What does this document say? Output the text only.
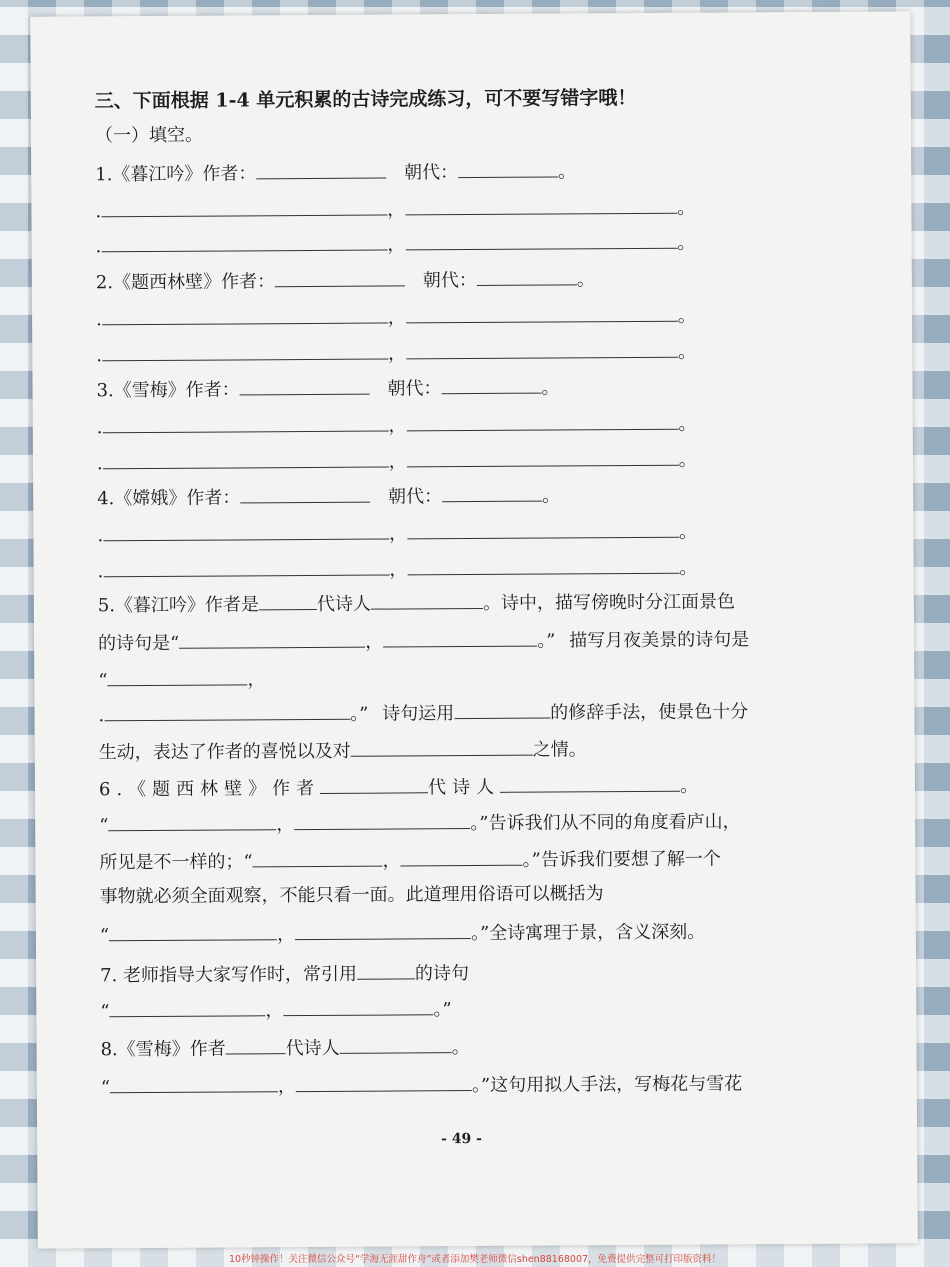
三、下面根据 1-4 单元积累的古诗完成练习，可不要写错字哦！
（一）填空。
1.《暮江吟》作者：	朝代：	。
.	，	。
.	，	。
2.《题西林壁》作者：	朝代：	。
.	，	。
.	，	。
3.《雪梅》作者：	朝代：	。
.	，	。
.	，	。
4.《嫦娥》作者：	朝代：	。
.	，	。
.	，	。
5.《暮江吟》作者是	代诗人	。诗中，描写傍晚时分江面景色
的诗句是“	，	。” 描写月夜美景的诗句是
“	，
.	。” 诗句运用	的修辞手法，使景色十分
生动，表达了作者的喜悦以及对	之情。
6.《题西林壁》作者	代诗人	。
“	，	。”告诉我们从不同的角度看庐山，
所见是不一样的；“	，	。”告诉我们要想了解一个
事物就必须全面观察，不能只看一面。此道理用俗语可以概括为
“	，	。”全诗寓理于景，含义深刻。
7. 老师指导大家写作时，常引用	的诗句
“	，	。”
8.《雪梅》作者	代诗人	。
“	，	。”这句用拟人手法，写梅花与雪花
- 49 -
10秒钟操作！关注微信公众号“学海无涯甜作舟”或者添加樊老师微信shen88168007，免费提供完整可打印版资料！
